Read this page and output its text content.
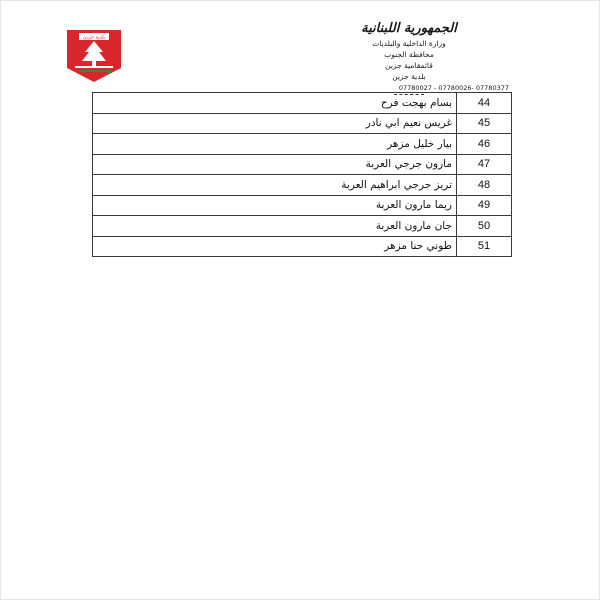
بلدية جزين
الجمهورية اللبنانية
وزارة الداخلية والبلديات
محافظة الجنوب
قائمقامية جزين
بلدية جزين
07780027 - 07780026- 07780377
44	بسام بهجت فرح
45	غريس نعيم ابي نادر
46	بيار خليل مزهر
47	مارون جرجي العربة
48	تريز جرجي ابراهيم العربة
49	ريما مارون العربة
50	جان مارون العربة
51	طوني حنا مزهر
